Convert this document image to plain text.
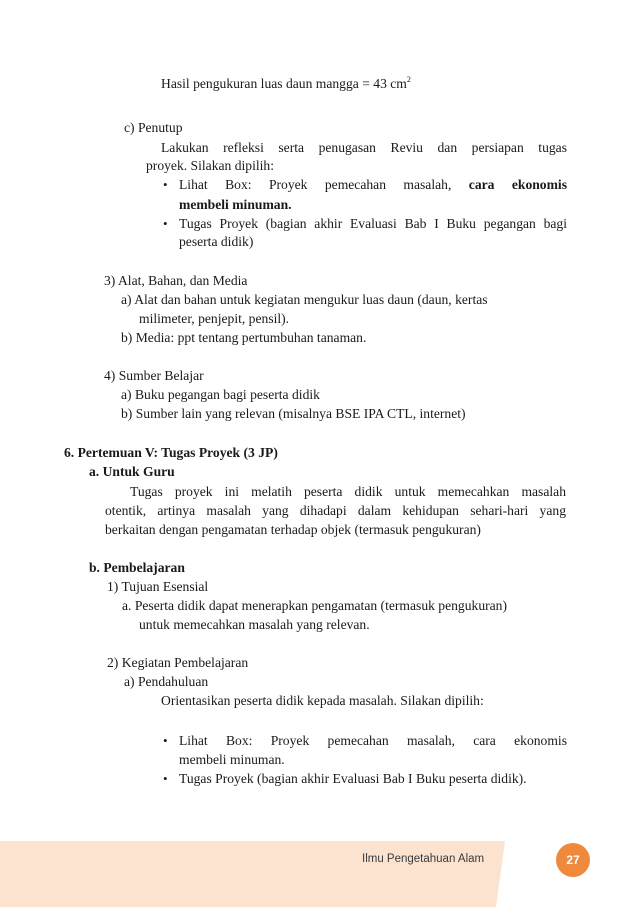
Hasil pengukuran luas daun mangga = 43 $cm^2$
c) Penutup
Lakukan refleksi serta penugasan Reviu dan persiapan tugas
proyek. Silakan dipilih:
• Lihat Box: Proyek pemecahan masalah, cara ekonomis
membeli minuman.
• Tugas Proyek (bagian akhir Evaluasi Bab I Buku pegangan bagi
peserta didik)
3) Alat, Bahan, dan Media
a) Alat dan bahan untuk kegiatan mengukur luas daun (daun, kertas
milimeter, penjepit, pensil).
b) Media: ppt tentang pertumbuhan tanaman.
4) Sumber Belajar
a) Buku pegangan bagi peserta didik
b) Sumber lain yang relevan (misalnya BSE IPA CTL, internet)
6. Pertemuan V: Tugas Proyek (3 JP)
a. Untuk Guru
Tugas proyek ini melatih peserta didik untuk memecahkan masalah
otentik, artinya masalah yang dihadapi dalam kehidupan sehari-hari yang
berkaitan dengan pengamatan terhadap objek (termasuk pengukuran)
b. Pembelajaran
1) Tujuan Esensial
a. Peserta didik dapat menerapkan pengamatan (termasuk pengukuran)
untuk memecahkan masalah yang relevan.
2) Kegiatan Pembelajaran
a) Pendahuluan
Orientasikan peserta didik kepada masalah. Silakan dipilih:
• Lihat Box: Proyek pemecahan masalah, cara ekonomis
membeli minuman.
• Tugas Proyek (bagian akhir Evaluasi Bab I Buku peserta didik).
Ilmu Pengetahuan Alam	27
